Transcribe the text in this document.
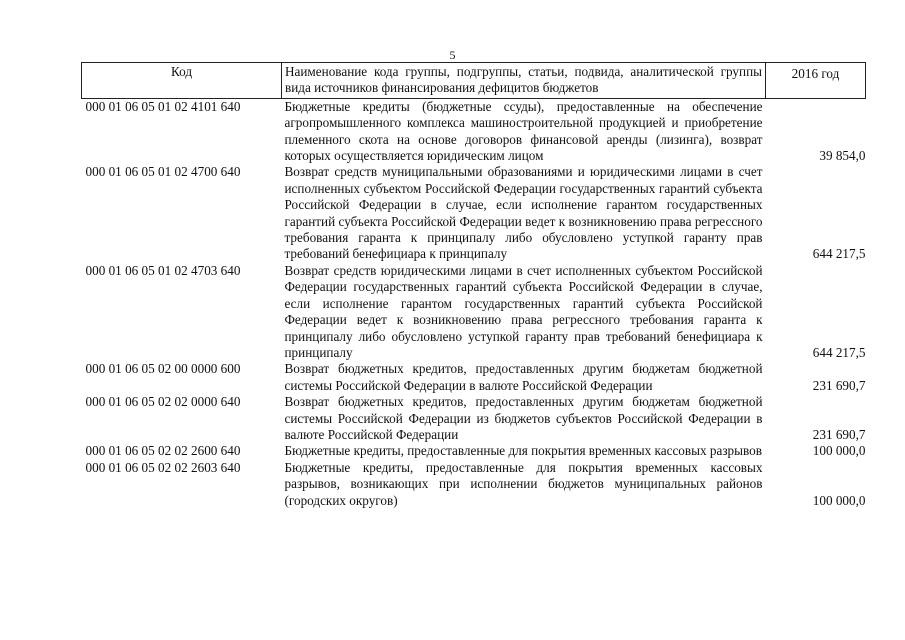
5
Код	Наименование кода группы, подгруппы, статьи, подвида, аналитической группы вида источников финансирования дефицитов бюджетов	2016 год
000 01 06 05 01 02 4101 640	Бюджетные кредиты (бюджетные ссуды), предоставленные на обеспечение агропромышленного комплекса машиностроительной продукцией и приобретение племенного скота на основе договоров финансовой аренды (лизинга), возврат которых осуществляется юридическим лицом	39 854,0
000 01 06 05 01 02 4700 640	Возврат средств муниципальными образованиями и юридическими лицами в счет исполненных субъектом Российской Федерации государственных гарантий субъекта Российской Федерации в случае, если исполнение гарантом государственных гарантий субъекта Российской Федерации ведет к возникновению права регрессного требования гаранта к принципалу либо обусловлено уступкой гаранту прав требований бенефициара к принципалу	644 217,5
000 01 06 05 01 02 4703 640	Возврат средств юридическими лицами в счет исполненных субъектом Российской Федерации государственных гарантий субъекта Российской Федерации в случае, если исполнение гарантом государственных гарантий субъекта Российской Федерации ведет к возникновению права регрессного требования гаранта к принципалу либо обусловлено уступкой гаранту прав требований бенефициара к принципалу	644 217,5
000 01 06 05 02 00 0000 600	Возврат бюджетных кредитов, предоставленных другим бюджетам бюджетной системы Российской Федерации в валюте Российской Федерации	231 690,7
000 01 06 05 02 02 0000 640	Возврат бюджетных кредитов, предоставленных другим бюджетам бюджетной системы Российской Федерации из бюджетов субъектов Российской Федерации в валюте Российской Федерации	231 690,7
000 01 06 05 02 02 2600 640	Бюджетные кредиты, предоставленные для покрытия временных кассовых разрывов	100 000,0
000 01 06 05 02 02 2603 640	Бюджетные кредиты, предоставленные для покрытия временных кассовых разрывов, возникающих при исполнении бюджетов муниципальных районов (городских округов)	100 000,0
